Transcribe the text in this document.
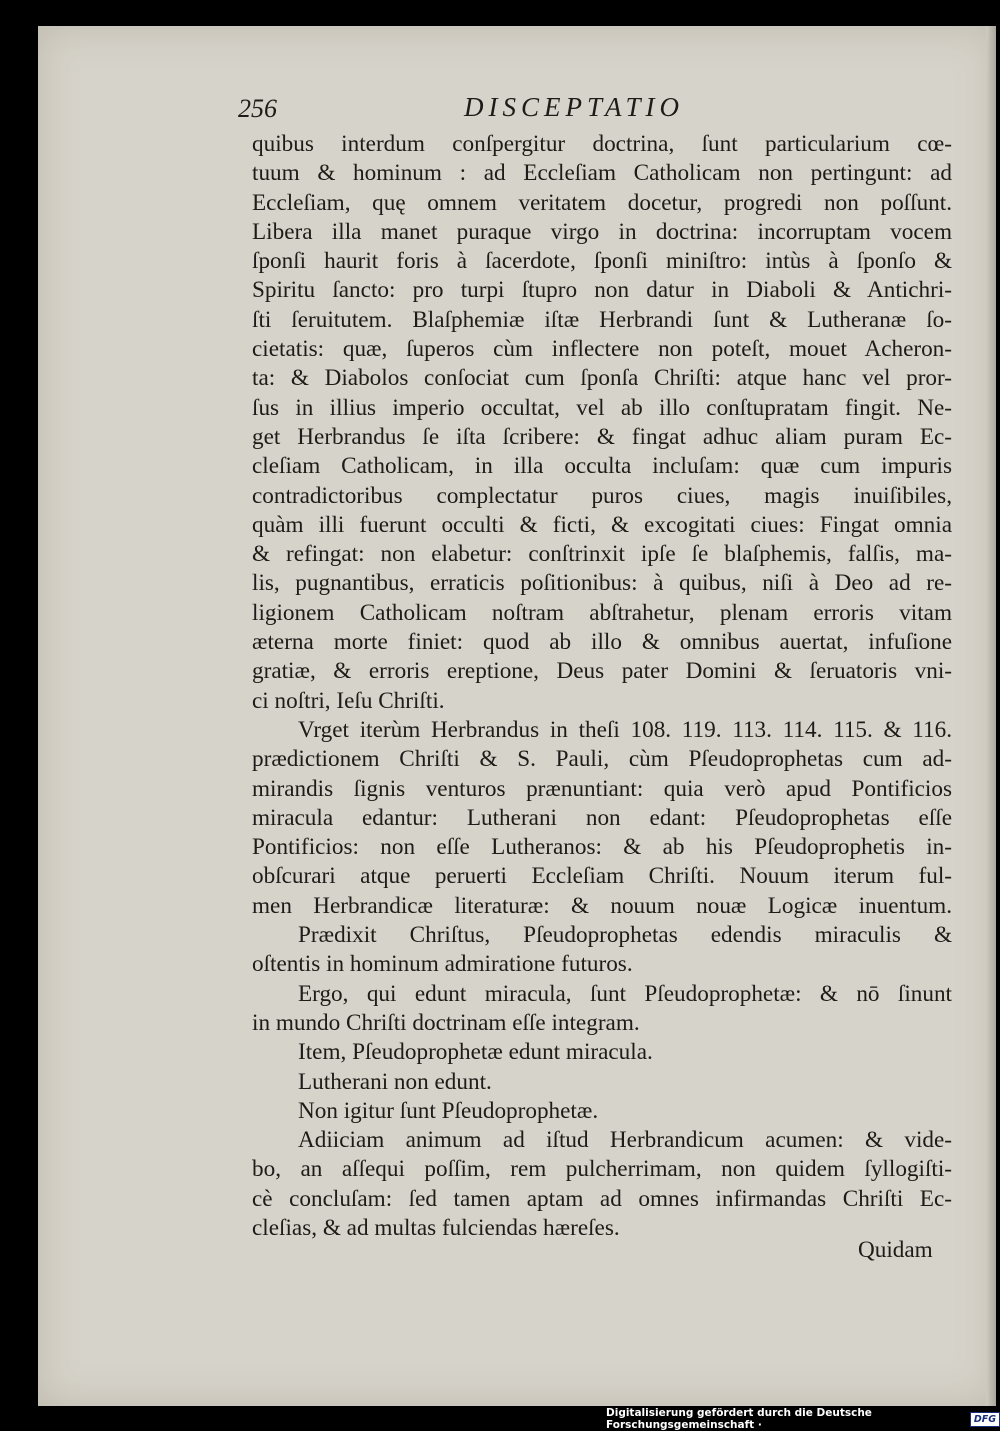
256	DISCEPTATIO
quibus interdum conſpergitur doctrina, ſunt particularium cœ-
tuum & hominum : ad Eccleſiam Catholicam non pertingunt: ad
Eccleſiam, quę omnem veritatem docetur, progredi non poſſunt.
Libera illa manet puraque virgo in doctrina: incorruptam vocem
ſponſi haurit foris à ſacerdote, ſponſi miniſtro: intùs à ſponſo &
Spiritu ſancto: pro turpi ſtupro non datur in Diaboli & Antichri-
ſti ſeruitutem. Blaſphemiæ iſtæ Herbrandi ſunt & Lutheranæ ſo-
cietatis: quæ, ſuperos cùm inflectere non poteſt, mouet Acheron-
ta: & Diabolos conſociat cum ſponſa Chriſti: atque hanc vel pror-
ſus in illius imperio occultat, vel ab illo conſtupratam fingit. Ne-
get Herbrandus ſe iſta ſcribere: & fingat adhuc aliam puram Ec-
cleſiam Catholicam, in illa occulta incluſam: quæ cum impuris
contradictoribus complectatur puros ciues, magis inuiſibiles,
quàm illi fuerunt occulti & ficti, & excogitati ciues: Fingat omnia
& refingat: non elabetur: conſtrinxit ipſe ſe blaſphemis, falſis, ma-
lis, pugnantibus, erraticis poſitionibus: à quibus, niſi à Deo ad re-
ligionem Catholicam noſtram abſtrahetur, plenam erroris vitam
æterna morte finiet: quod ab illo & omnibus auertat, infuſione
gratiæ, & erroris ereptione, Deus pater Domini & ſeruatoris vni-
ci noſtri, Ieſu Chriſti.
Vrget iterùm Herbrandus in theſi 108. 119. 113. 114. 115. & 116.
prædictionem Chriſti & S. Pauli, cùm Pſeudoprophetas cum ad-
mirandis ſignis venturos prænuntiant: quia verò apud Pontificios
miracula edantur: Lutherani non edant: Pſeudoprophetas eſſe
Pontificios: non eſſe Lutheranos: & ab his Pſeudoprophetis in-
obſcurari atque peruerti Eccleſiam Chriſti. Nouum iterum ful-
men Herbrandicæ literaturæ: & nouum nouæ Logicæ inuentum.
Prædixit Chriſtus, Pſeudoprophetas edendis miraculis &
oſtentis in hominum admiratione futuros.
Ergo, qui edunt miracula, ſunt Pſeudoprophetæ: & nō ſinunt
in mundo Chriſti doctrinam eſſe integram.
Item, Pſeudoprophetæ edunt miracula.
Lutherani non edunt.
Non igitur ſunt Pſeudoprophetæ.
Adiiciam animum ad iſtud Herbrandicum acumen: & vide-
bo, an aſſequi poſſim, rem pulcherrimam, non quidem ſyllogiſti-
cè concluſam: ſed tamen aptam ad omnes infirmandas Chriſti Ec-
cleſias, & ad multas fulciendas hæreſes.
Quidam
Digitalisierung gefördert durch die Deutsche Forschungsgemeinschaft ·	DFG
